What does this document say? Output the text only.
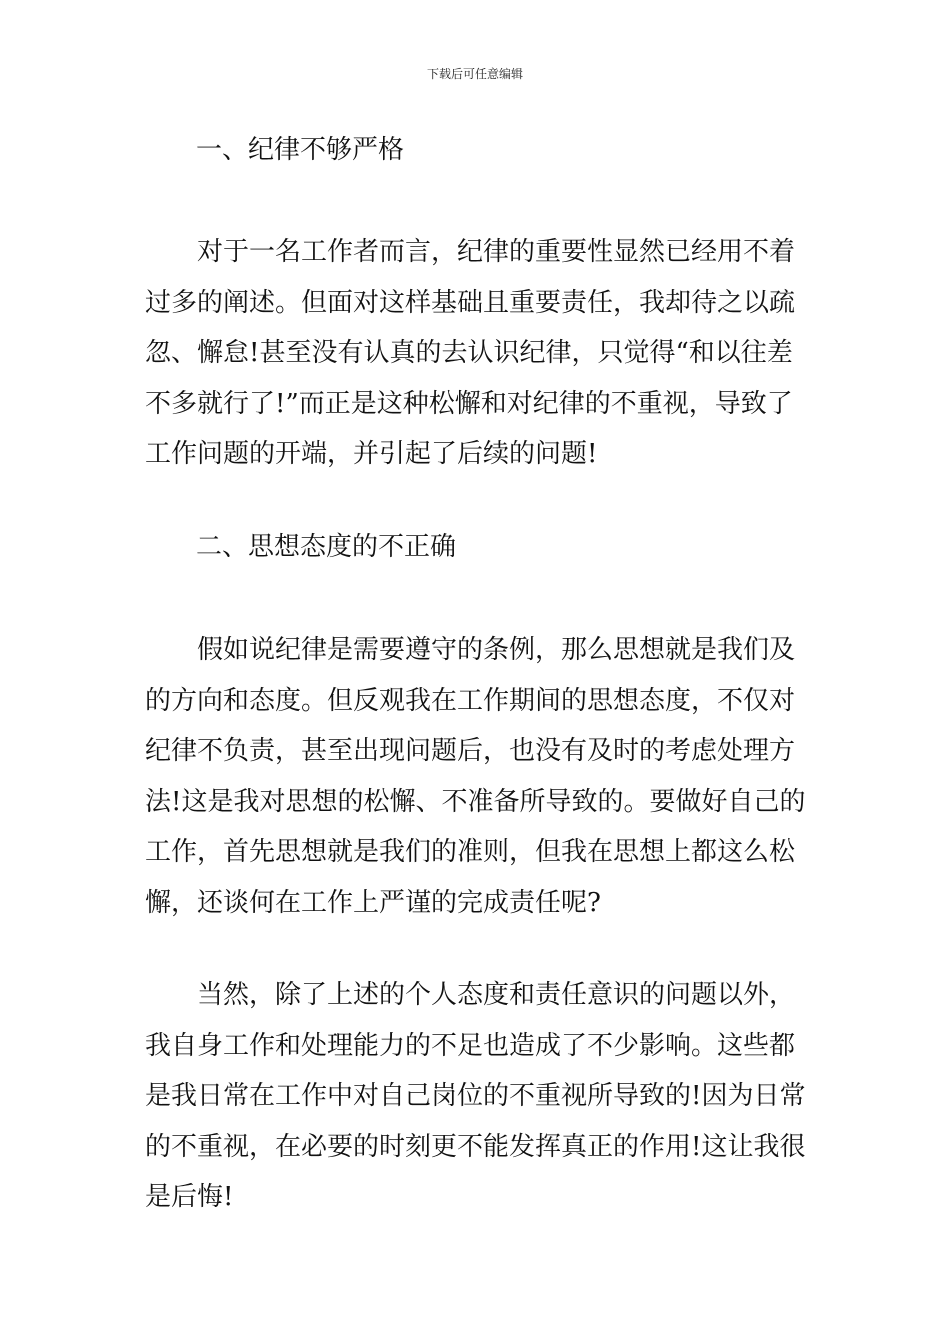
下载后可任意编辑
一、纪律不够严格
对于一名工作者而言，纪律的重要性显然已经用不着
过多的阐述。但面对这样基础且重要责任，我却待之以疏
忽、懈怠!甚至没有认真的去认识纪律，只觉得“和以往差
不多就行了!”而正是这种松懈和对纪律的不重视，导致了
工作问题的开端，并引起了后续的问题!
二、思想态度的不正确
假如说纪律是需要遵守的条例，那么思想就是我们及
的方向和态度。但反观我在工作期间的思想态度，不仅对
纪律不负责，甚至出现问题后，也没有及时的考虑处理方
法!这是我对思想的松懈、不准备所导致的。要做好自己的
工作，首先思想就是我们的准则，但我在思想上都这么松
懈，还谈何在工作上严谨的完成责任呢?
当然，除了上述的个人态度和责任意识的问题以外，
我自身工作和处理能力的不足也造成了不少影响。这些都
是我日常在工作中对自己岗位的不重视所导致的!因为日常
的不重视，在必要的时刻更不能发挥真正的作用!这让我很
是后悔!
